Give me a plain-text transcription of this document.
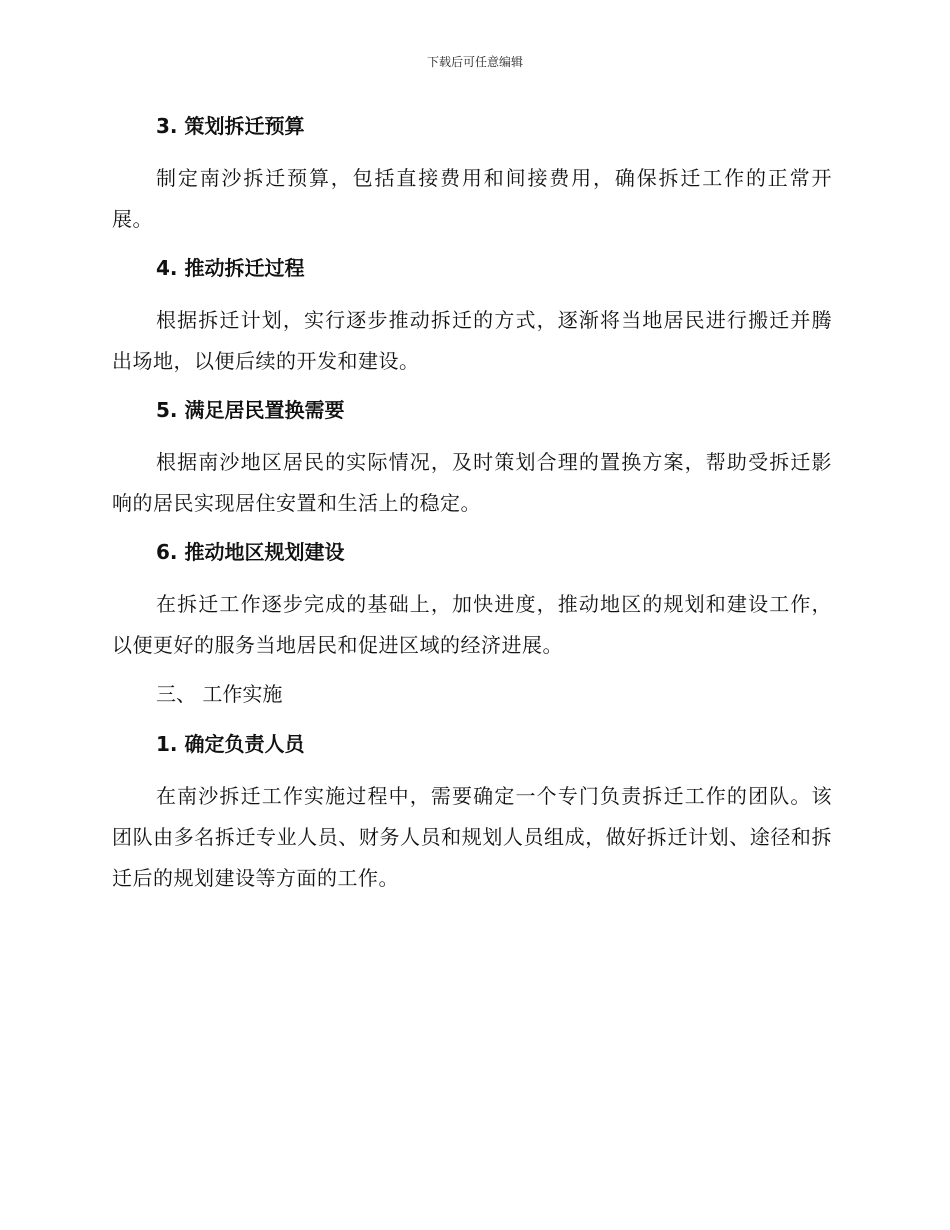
下载后可任意编辑
3. 策划拆迁预算

制定南沙拆迁预算，包括直接费用和间接费用，确保拆迁工作的正常开展。

4. 推动拆迁过程

根据拆迁计划，实行逐步推动拆迁的方式，逐渐将当地居民进行搬迁并腾出场地，以便后续的开发和建设。

5. 满足居民置换需要

根据南沙地区居民的实际情况，及时策划合理的置换方案，帮助受拆迁影响的居民实现居住安置和生活上的稳定。

6. 推动地区规划建设

在拆迁工作逐步完成的基础上，加快进度，推动地区的规划和建设工作，以便更好的服务当地居民和促进区域的经济进展。

三、 工作实施
1. 确定负责人员

在南沙拆迁工作实施过程中，需要确定一个专门负责拆迁工作的团队。该团队由多名拆迁专业人员、财务人员和规划人员组成，做好拆迁计划、途径和拆迁后的规划建设等方面的工作。
